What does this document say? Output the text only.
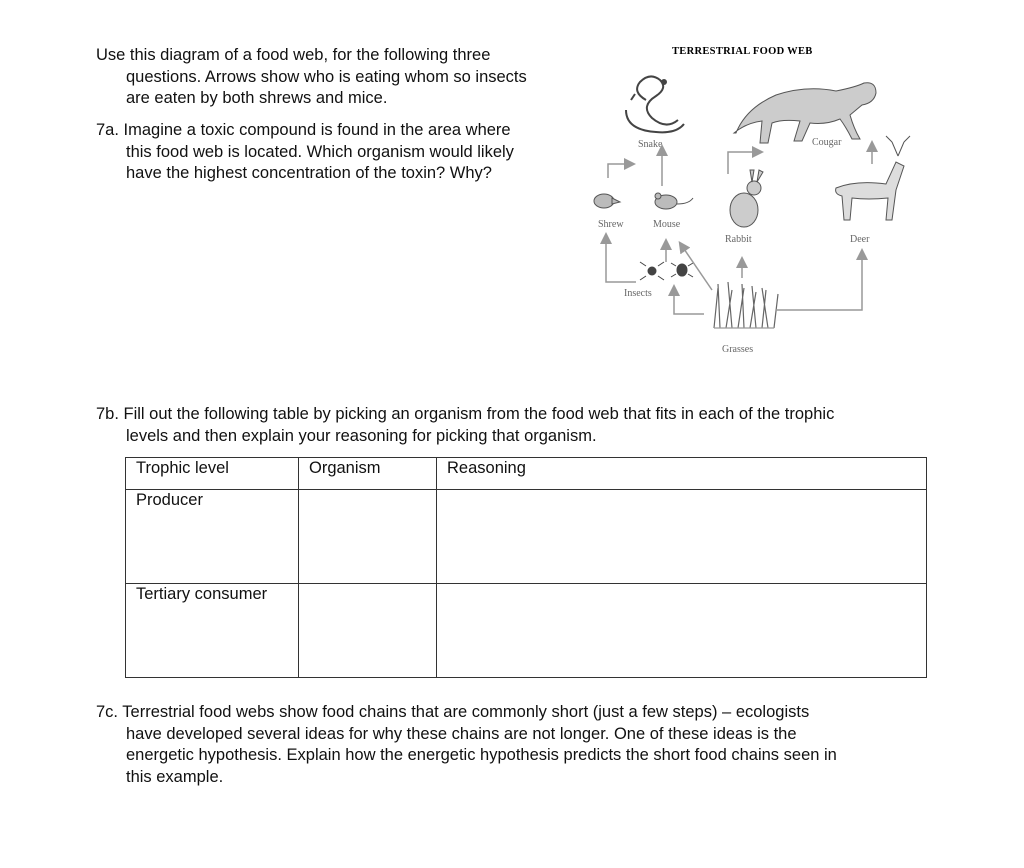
Use this diagram of a food web, for the following three
questions. Arrows show who is eating whom so insects
are eaten by both shrews and mice.
7a. Imagine a toxic compound is found in the area where
this food web is located. Which organism would likely
have the highest concentration of the toxin? Why?
TERRESTRIAL FOOD WEB
Snake	Cougar
Shrew	Mouse
Rabbit	Deer
Insects
Grasses
7b. Fill out the following table by picking an organism from the food web that fits in each of the trophic
levels and then explain your reasoning for picking that organism.
Trophic level	Organism	Reasoning
Producer		
Tertiary consumer		
7c. Terrestrial food webs show food chains that are commonly short (just a few steps) – ecologists
have developed several ideas for why these chains are not longer. One of these ideas is the
energetic hypothesis. Explain how the energetic hypothesis predicts the short food chains seen in
this example.
